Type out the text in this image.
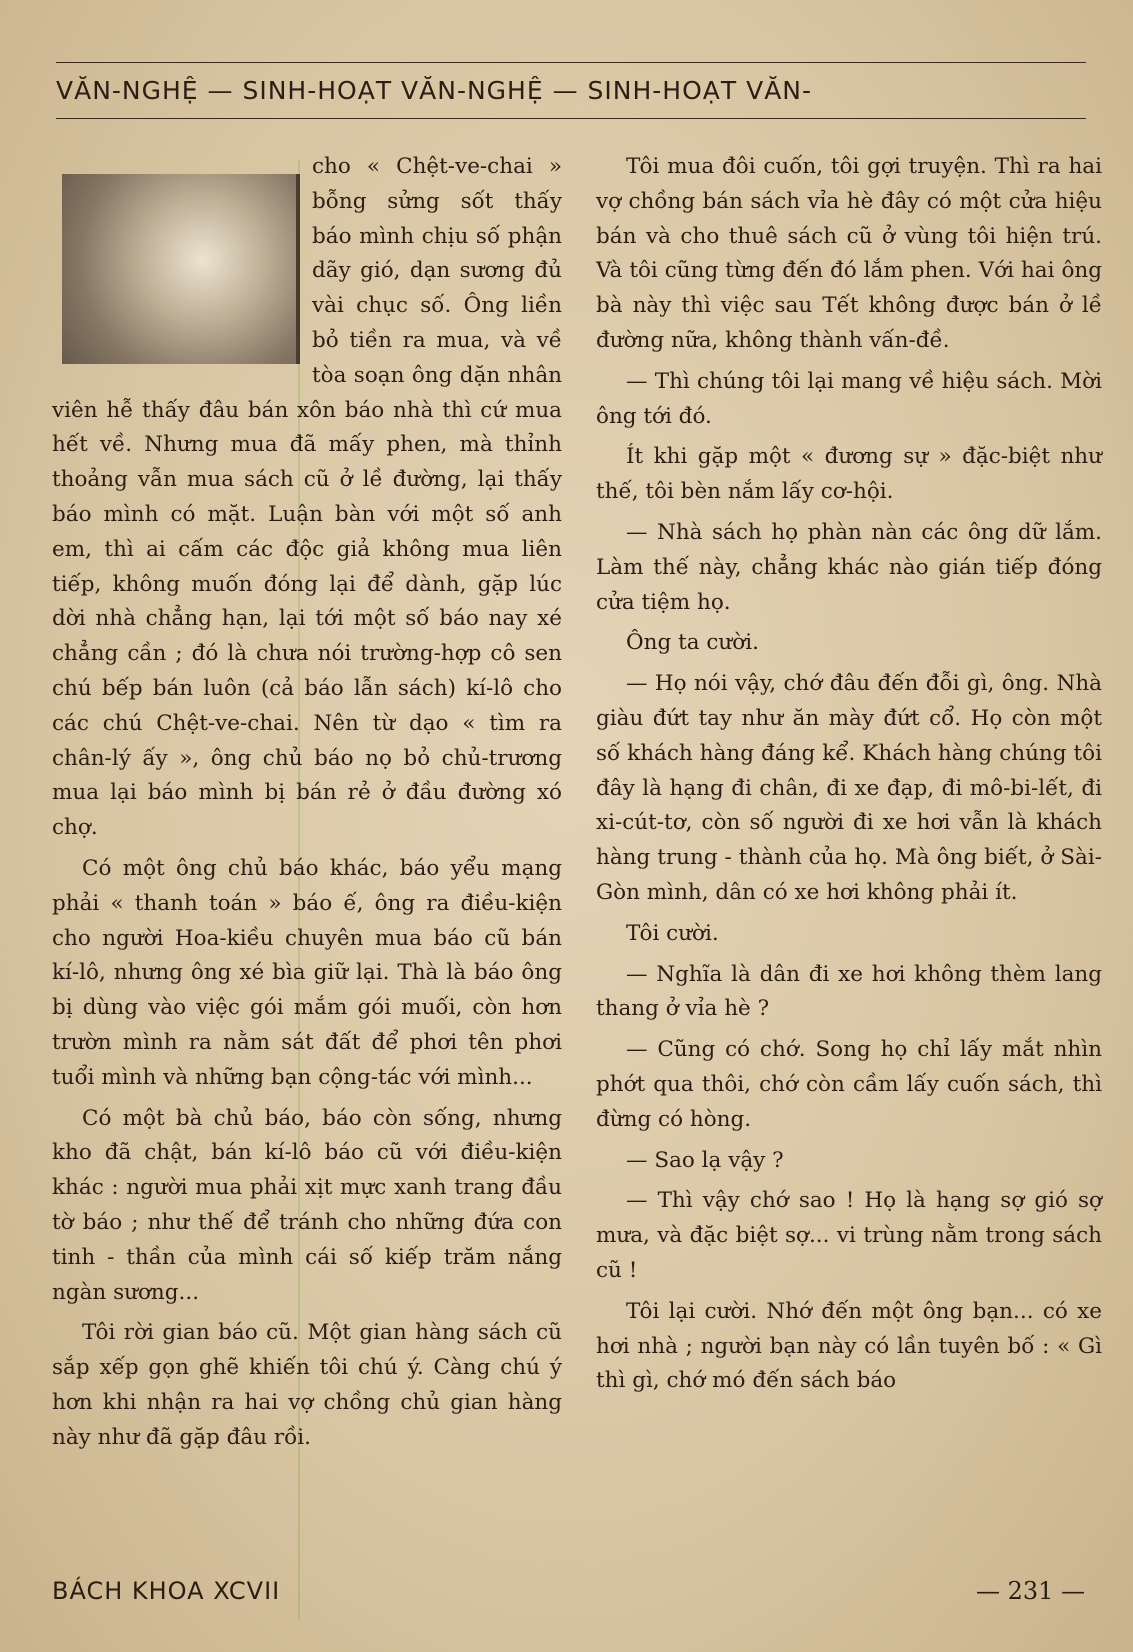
VĂN-NGHỆ — SINH-HOẠT VĂN-NGHỆ — SINH-HOẠT VĂN-

cho « Chệt-ve-chai » bỗng sửng sốt thấy báo mình chịu số phận dãy gió, dạn sương đủ vài chục số. Ông liền bỏ tiền ra mua, và về tòa soạn ông dặn nhân viên hễ thấy đâu bán xôn báo nhà thì cứ mua hết về. Nhưng mua đã mấy phen, mà thỉnh thoảng vẫn mua sách cũ ở lề đường, lại thấy báo mình có mặt. Luận bàn với một số anh em, thì ai cấm các độc giả không mua liên tiếp, không muốn đóng lại để dành, gặp lúc dời nhà chẳng hạn, lại tới một số báo nay xé chẳng cần ; đó là chưa nói trường-hợp cô sen chú bếp bán luôn (cả báo lẫn sách) kí-lô cho các chú Chệt-ve-chai. Nên từ dạo « tìm ra chân-lý ấy », ông chủ báo nọ bỏ chủ-trương mua lại báo mình bị bán rẻ ở đầu đường xó chợ.

Có một ông chủ báo khác, báo yểu mạng phải « thanh toán » báo ế, ông ra điều-kiện cho người Hoa-kiều chuyên mua báo cũ bán kí-lô, nhưng ông xé bìa giữ lại. Thà là báo ông bị dùng vào việc gói mắm gói muối, còn hơn trườn mình ra nằm sát đất để phơi tên phơi tuổi mình và những bạn cộng-tác với mình...

Có một bà chủ báo, báo còn sống, nhưng kho đã chật, bán kí-lô báo cũ với điều-kiện khác : người mua phải xịt mực xanh trang đầu tờ báo ; như thế để tránh cho những đứa con tinh - thần của mình cái số kiếp trăm nắng ngàn sương...

Tôi rời gian báo cũ. Một gian hàng sách cũ sắp xếp gọn ghẽ khiến tôi chú ý. Càng chú ý hơn khi nhận ra hai vợ chồng chủ gian hàng này như đã gặp đâu rồi.

Tôi mua đôi cuốn, tôi gợi truyện. Thì ra hai vợ chồng bán sách vỉa hè đây có một cửa hiệu bán và cho thuê sách cũ ở vùng tôi hiện trú. Và tôi cũng từng đến đó lắm phen. Với hai ông bà này thì việc sau Tết không được bán ở lề đường nữa, không thành vấn-đề.

— Thì chúng tôi lại mang về hiệu sách. Mời ông tới đó.

Ít khi gặp một « đương sự » đặc-biệt như thế, tôi bèn nắm lấy cơ-hội.

— Nhà sách họ phàn nàn các ông dữ lắm. Làm thế này, chẳng khác nào gián tiếp đóng cửa tiệm họ.

Ông ta cười.

— Họ nói vậy, chớ đâu đến đỗi gì, ông. Nhà giàu đứt tay như ăn mày đứt cổ. Họ còn một số khách hàng đáng kể. Khách hàng chúng tôi đây là hạng đi chân, đi xe đạp, đi mô-bi-lết, đi xi-cút-tơ, còn số người đi xe hơi vẫn là khách hàng trung - thành của họ. Mà ông biết, ở Sài-Gòn mình, dân có xe hơi không phải ít.

Tôi cười.

— Nghĩa là dân đi xe hơi không thèm lang thang ở vỉa hè ?

— Cũng có chớ. Song họ chỉ lấy mắt nhìn phớt qua thôi, chớ còn cầm lấy cuốn sách, thì đừng có hòng.

— Sao lạ vậy ?

— Thì vậy chớ sao ! Họ là hạng sợ gió sợ mưa, và đặc biệt sợ... vi trùng nằm trong sách cũ !

Tôi lại cười. Nhớ đến một ông bạn... có xe hơi nhà ; người bạn này có lần tuyên bố : « Gì thì gì, chớ mó đến sách báo

BÁCH KHOA XCVII	— 231 —
